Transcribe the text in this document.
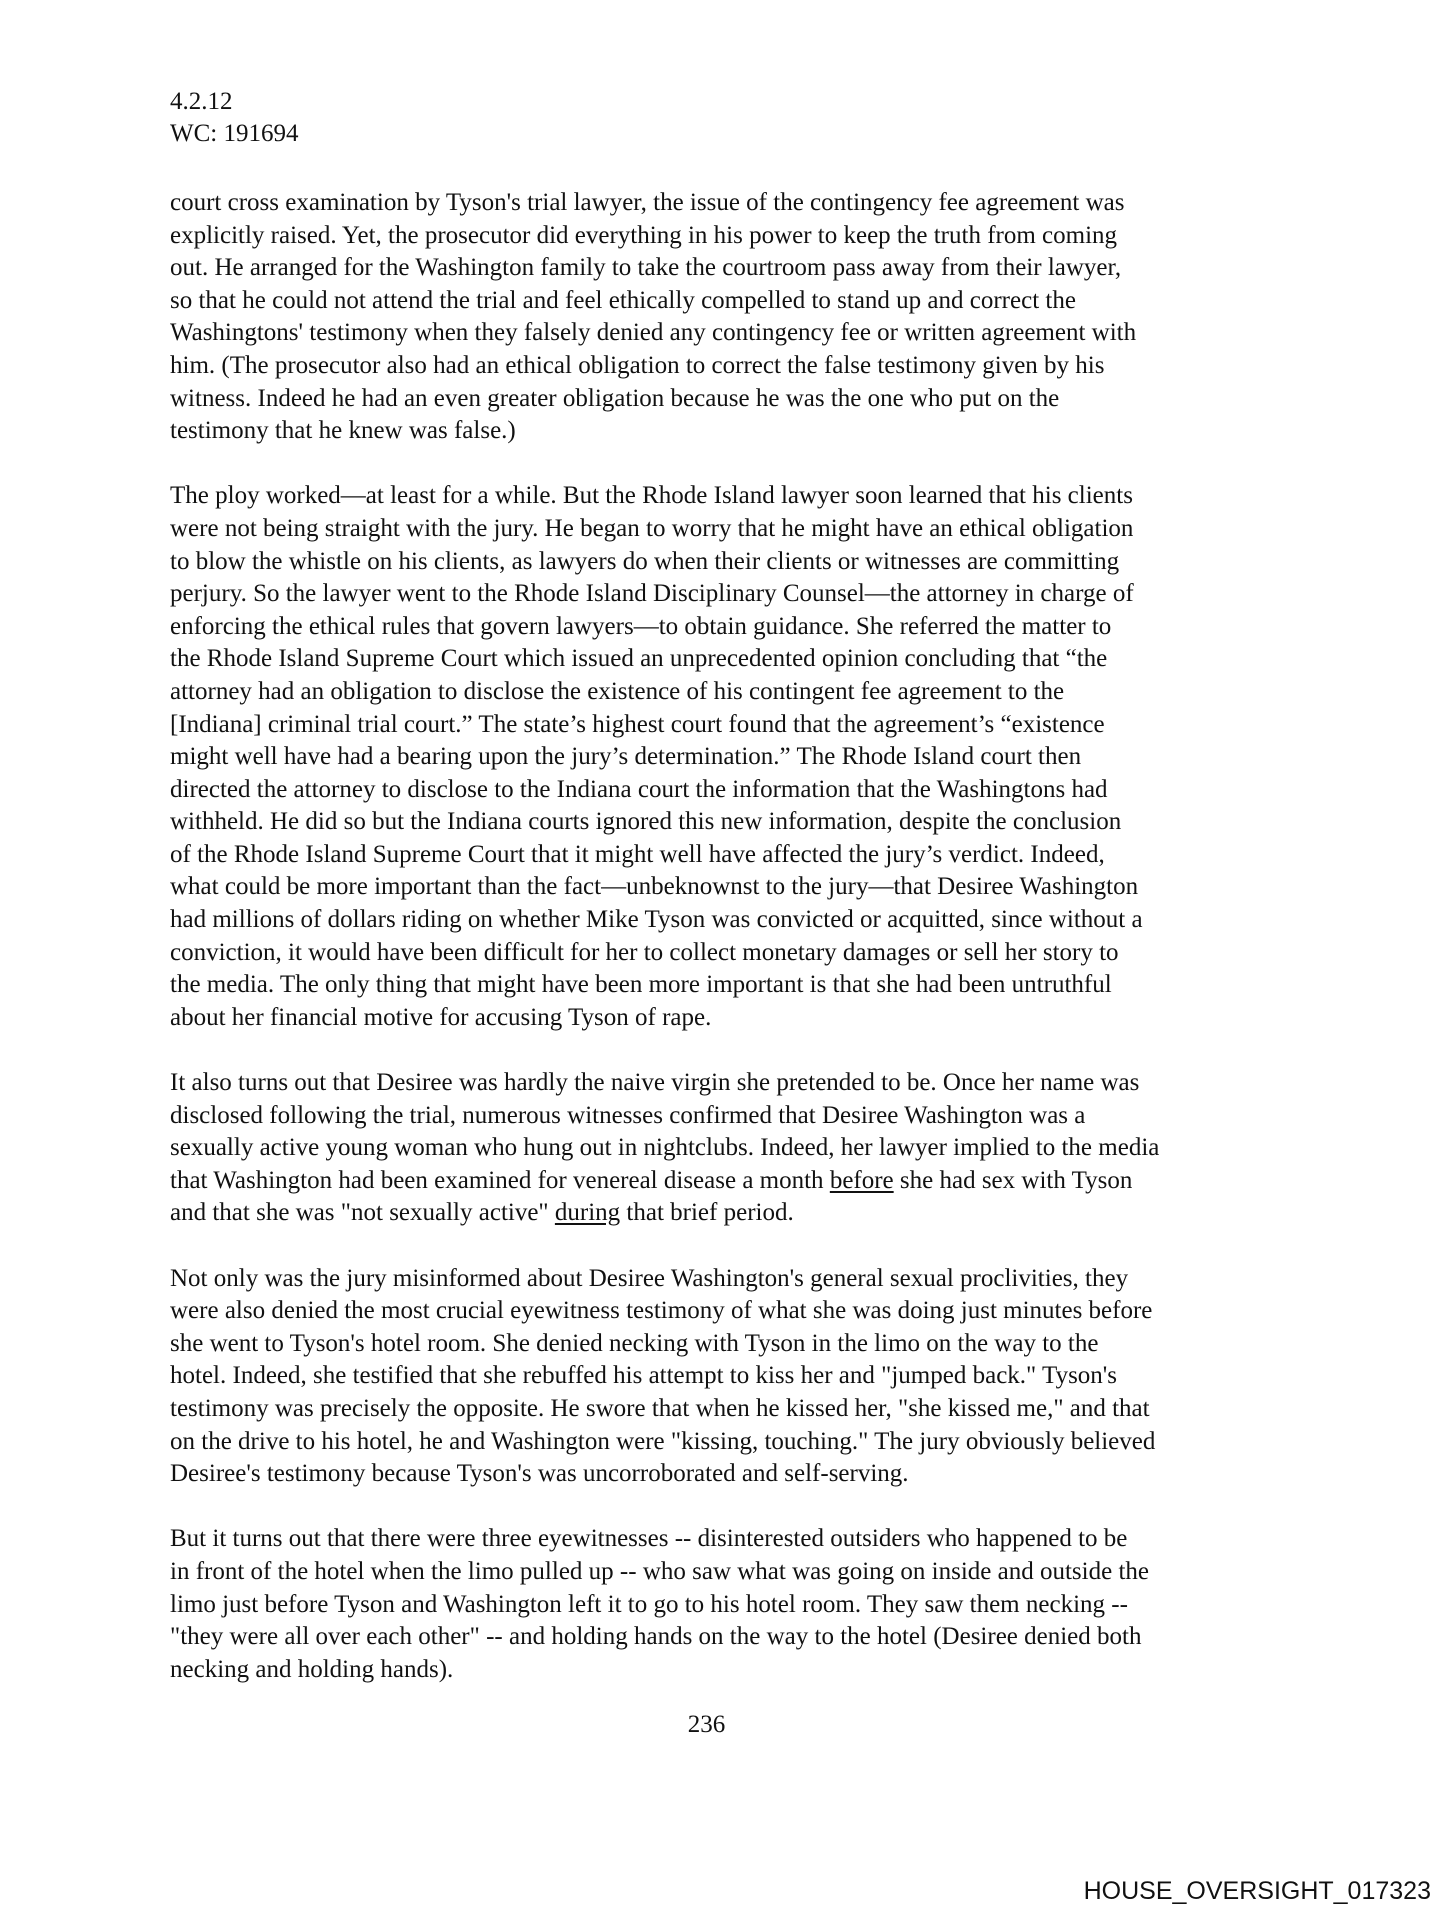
4.2.12
WC: 191694

court cross examination by Tyson's trial lawyer, the issue of the contingency fee agreement was
explicitly raised. Yet, the prosecutor did everything in his power to keep the truth from coming
out. He arranged for the Washington family to take the courtroom pass away from their lawyer,
so that he could not attend the trial and feel ethically compelled to stand up and correct the
Washingtons' testimony when they falsely denied any contingency fee or written agreement with
him. (The prosecutor also had an ethical obligation to correct the false testimony given by his
witness. Indeed he had an even greater obligation because he was the one who put on the
testimony that he knew was false.)

The ploy worked—at least for a while. But the Rhode Island lawyer soon learned that his clients
were not being straight with the jury. He began to worry that he might have an ethical obligation
to blow the whistle on his clients, as lawyers do when their clients or witnesses are committing
perjury. So the lawyer went to the Rhode Island Disciplinary Counsel—the attorney in charge of
enforcing the ethical rules that govern lawyers—to obtain guidance. She referred the matter to
the Rhode Island Supreme Court which issued an unprecedented opinion concluding that “the
attorney had an obligation to disclose the existence of his contingent fee agreement to the
[Indiana] criminal trial court.” The state’s highest court found that the agreement’s “existence
might well have had a bearing upon the jury’s determination.” The Rhode Island court then
directed the attorney to disclose to the Indiana court the information that the Washingtons had
withheld. He did so but the Indiana courts ignored this new information, despite the conclusion
of the Rhode Island Supreme Court that it might well have affected the jury’s verdict. Indeed,
what could be more important than the fact—unbeknownst to the jury—that Desiree Washington
had millions of dollars riding on whether Mike Tyson was convicted or acquitted, since without a
conviction, it would have been difficult for her to collect monetary damages or sell her story to
the media. The only thing that might have been more important is that she had been untruthful
about her financial motive for accusing Tyson of rape.

It also turns out that Desiree was hardly the naive virgin she pretended to be. Once her name was
disclosed following the trial, numerous witnesses confirmed that Desiree Washington was a
sexually active young woman who hung out in nightclubs. Indeed, her lawyer implied to the media
that Washington had been examined for venereal disease a month before she had sex with Tyson
and that she was "not sexually active" during that brief period.

Not only was the jury misinformed about Desiree Washington's general sexual proclivities, they
were also denied the most crucial eyewitness testimony of what she was doing just minutes before
she went to Tyson's hotel room. She denied necking with Tyson in the limo on the way to the
hotel. Indeed, she testified that she rebuffed his attempt to kiss her and "jumped back." Tyson's
testimony was precisely the opposite. He swore that when he kissed her, "she kissed me," and that
on the drive to his hotel, he and Washington were "kissing, touching." The jury obviously believed
Desiree's testimony because Tyson's was uncorroborated and self-serving.

But it turns out that there were three eyewitnesses -- disinterested outsiders who happened to be
in front of the hotel when the limo pulled up -- who saw what was going on inside and outside the
limo just before Tyson and Washington left it to go to his hotel room. They saw them necking --
"they were all over each other" -- and holding hands on the way to the hotel (Desiree denied both
necking and holding hands).

236
HOUSE_OVERSIGHT_017323
